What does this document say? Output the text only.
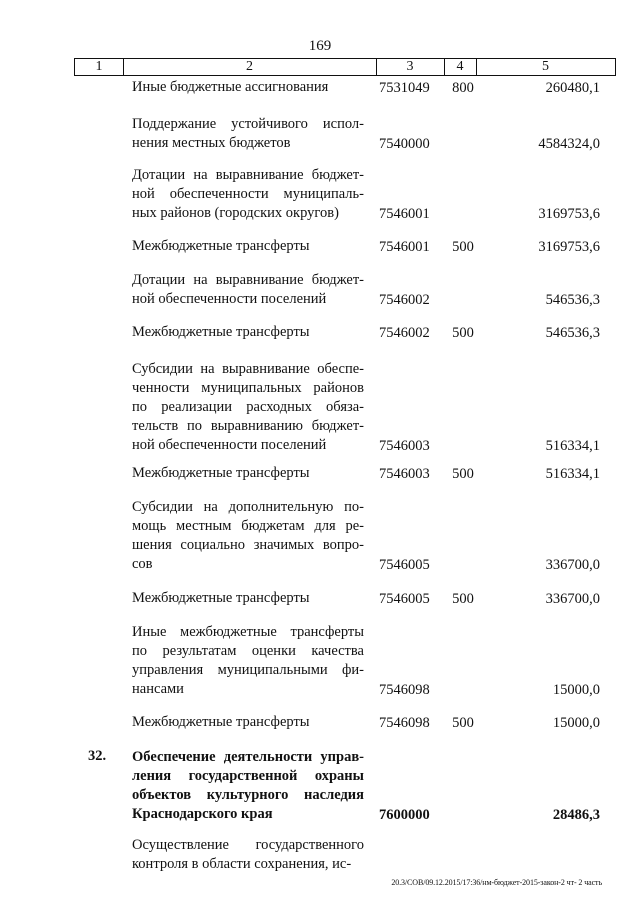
169
1	2	3	4	5
Иные бюджетные ассигнования	7531049 800	260480,1
Поддержание устойчивого испол-
нения местных бюджетов	7540000	4584324,0
Дотации на выравнивание бюджет-
ной обеспеченности муниципаль-
ных районов (городских округов)	7546001	3169753,6
Межбюджетные трансферты	7546001 500	3169753,6
Дотации на выравнивание бюджет-
ной обеспеченности поселений	7546002	546536,3
Межбюджетные трансферты	7546002 500	546536,3
Субсидии на выравнивание обеспе-
ченности муниципальных районов
по реализации расходных обяза-
тельств по выравниванию бюджет-
ной обеспеченности поселений	7546003	516334,1
Межбюджетные трансферты	7546003 500	516334,1
Субсидии на дополнительную по-
мощь местным бюджетам для ре-
шения социально значимых вопро-
сов	7546005	336700,0
Межбюджетные трансферты	7546005 500	336700,0
Иные межбюджетные трансферты
по результатам оценки качества
управления муниципальными фи-
нансами	7546098	15000,0
Межбюджетные трансферты	7546098 500	15000,0
32. Обеспечение деятельности управ-
ления государственной охраны
объектов культурного наследия
Краснодарского края	7600000	28486,3
Осуществление государственного
контроля в области сохранения, ис-
20.3/СОВ/09.12.2015/17:36/нм-бюджет-2015-закон-2 чт- 2 часть
